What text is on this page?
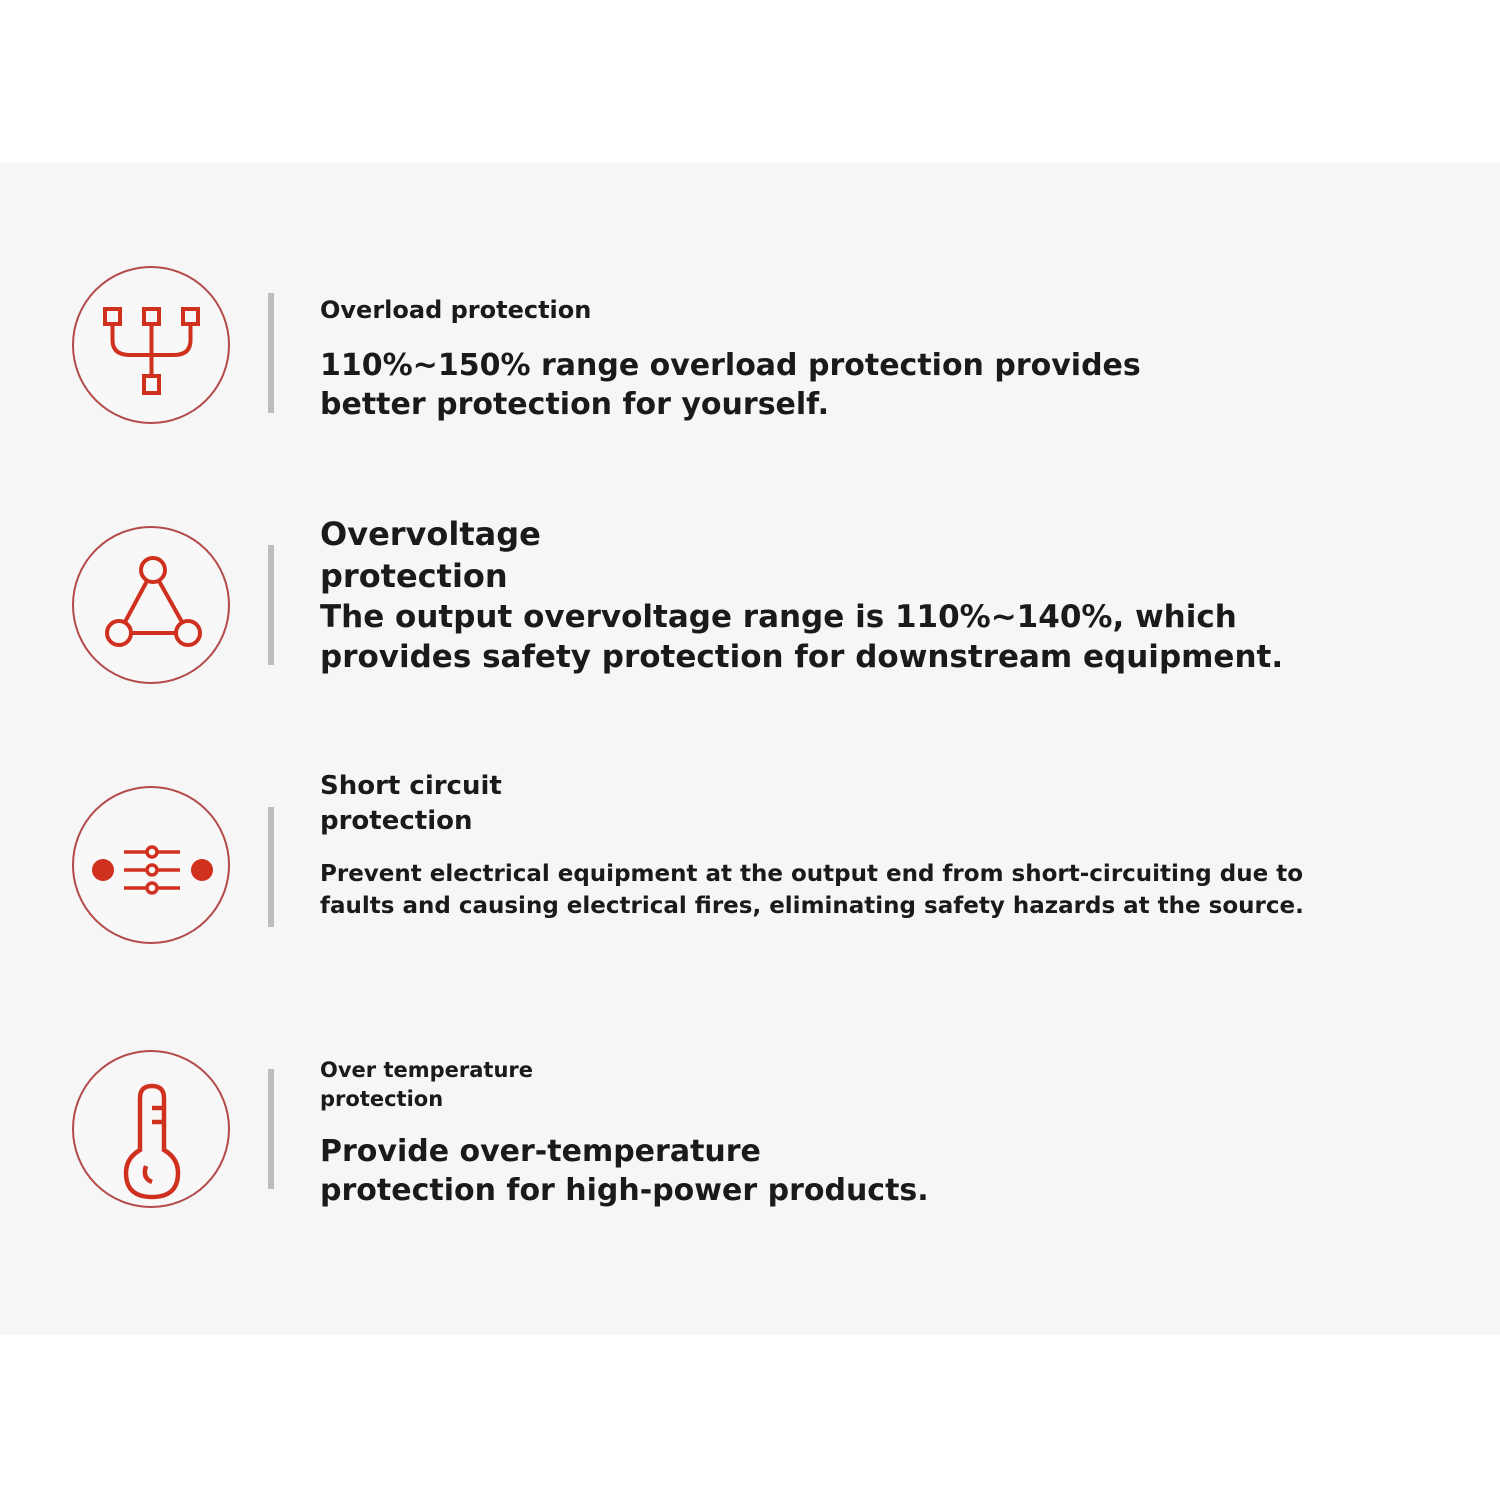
Overload protection
110%~150% range overload protection provides better protection for yourself.
Overvoltage protection
The output overvoltage range is 110%~140%, which provides safety protection for downstream equipment.
Short circuit protection
Prevent electrical equipment at the output end from short-circuiting due to faults and causing electrical fires, eliminating safety hazards at the source.
Over temperature protection
Provide over-temperature protection for high-power products.
